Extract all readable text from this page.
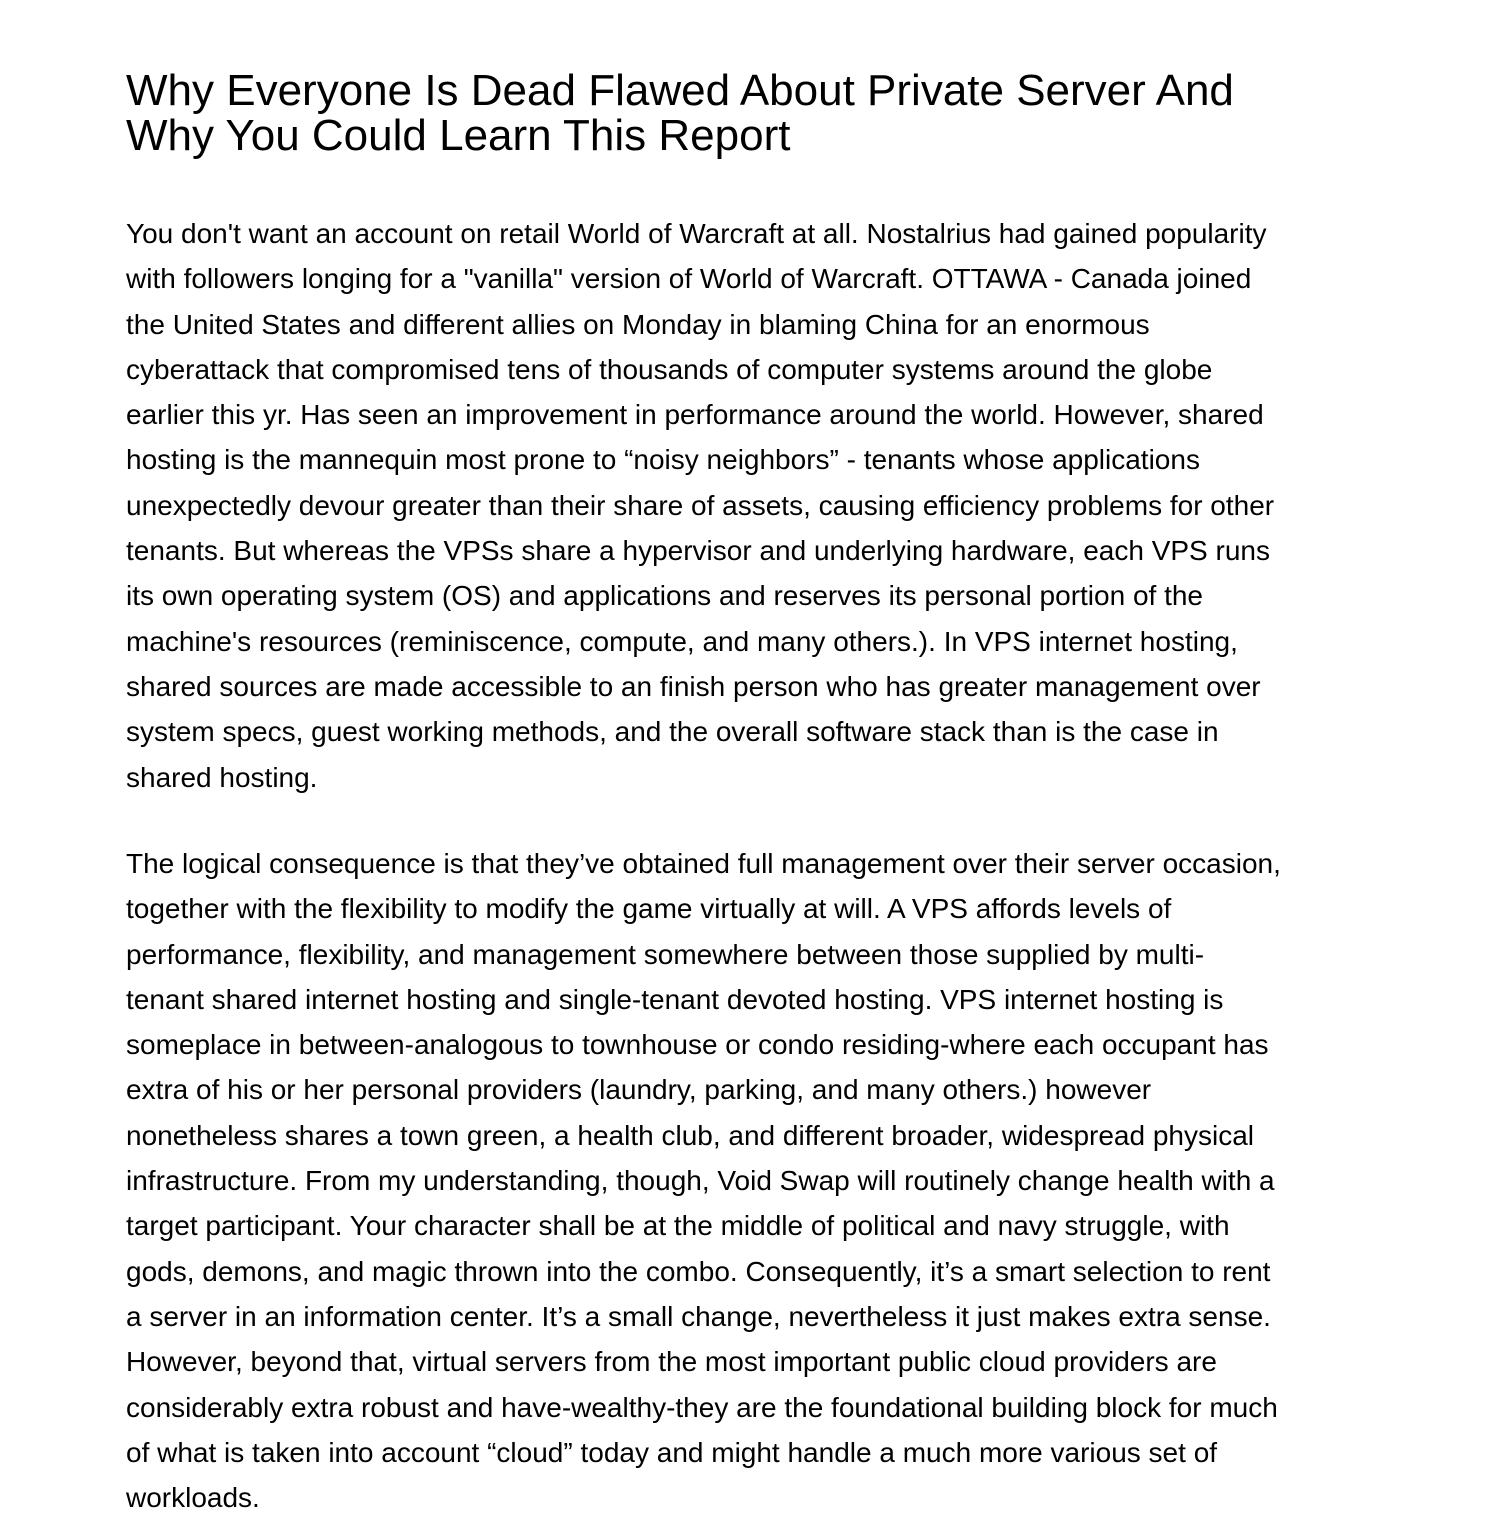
Why Everyone Is Dead Flawed About Private Server And
Why You Could Learn This Report

You don't want an account on retail World of Warcraft at all. Nostalrius had gained popularity
with followers longing for a "vanilla" version of World of Warcraft. OTTAWA - Canada joined
the United States and different allies on Monday in blaming China for an enormous
cyberattack that compromised tens of thousands of computer systems around the globe
earlier this yr. Has seen an improvement in performance around the world. However, shared
hosting is the mannequin most prone to “noisy neighbors” - tenants whose applications
unexpectedly devour greater than their share of assets, causing efficiency problems for other
tenants. But whereas the VPSs share a hypervisor and underlying hardware, each VPS runs
its own operating system (OS) and applications and reserves its personal portion of the
machine's resources (reminiscence, compute, and many others.). In VPS internet hosting,
shared sources are made accessible to an finish person who has greater management over
system specs, guest working methods, and the overall software stack than is the case in
shared hosting.

The logical consequence is that they’ve obtained full management over their server occasion,
together with the flexibility to modify the game virtually at will. A VPS affords levels of
performance, flexibility, and management somewhere between those supplied by multi-
tenant shared internet hosting and single-tenant devoted hosting. VPS internet hosting is
someplace in between-analogous to townhouse or condo residing-where each occupant has
extra of his or her personal providers (laundry, parking, and many others.) however
nonetheless shares a town green, a health club, and different broader, widespread physical
infrastructure. From my understanding, though, Void Swap will routinely change health with a
target participant. Your character shall be at the middle of political and navy struggle, with
gods, demons, and magic thrown into the combo. Consequently, it’s a smart selection to rent
a server in an information center. It’s a small change, nevertheless it just makes extra sense.
However, beyond that, virtual servers from the most important public cloud providers are
considerably extra robust and have-wealthy-they are the foundational building block for much
of what is taken into account “cloud” today and might handle a much more various set of
workloads.
